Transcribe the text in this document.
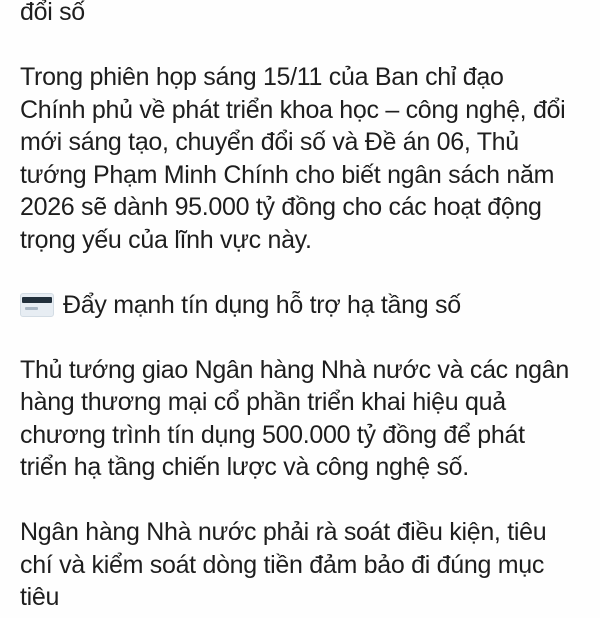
đổi số
Trong phiên họp sáng 15/11 của Ban chỉ đạo
Chính phủ về phát triển khoa học – công nghệ, đổi
mới sáng tạo, chuyển đổi số và Đề án 06, Thủ
tướng Phạm Minh Chính cho biết ngân sách năm
2026 sẽ dành 95.000 tỷ đồng cho các hoạt động
trọng yếu của lĩnh vực này.
Đẩy mạnh tín dụng hỗ trợ hạ tầng số
Thủ tướng giao Ngân hàng Nhà nước và các ngân
hàng thương mại cổ phần triển khai hiệu quả
chương trình tín dụng 500.000 tỷ đồng để phát
triển hạ tầng chiến lược và công nghệ số.
Ngân hàng Nhà nước phải rà soát điều kiện, tiêu
chí và kiểm soát dòng tiền đảm bảo đi đúng mục
tiêu
